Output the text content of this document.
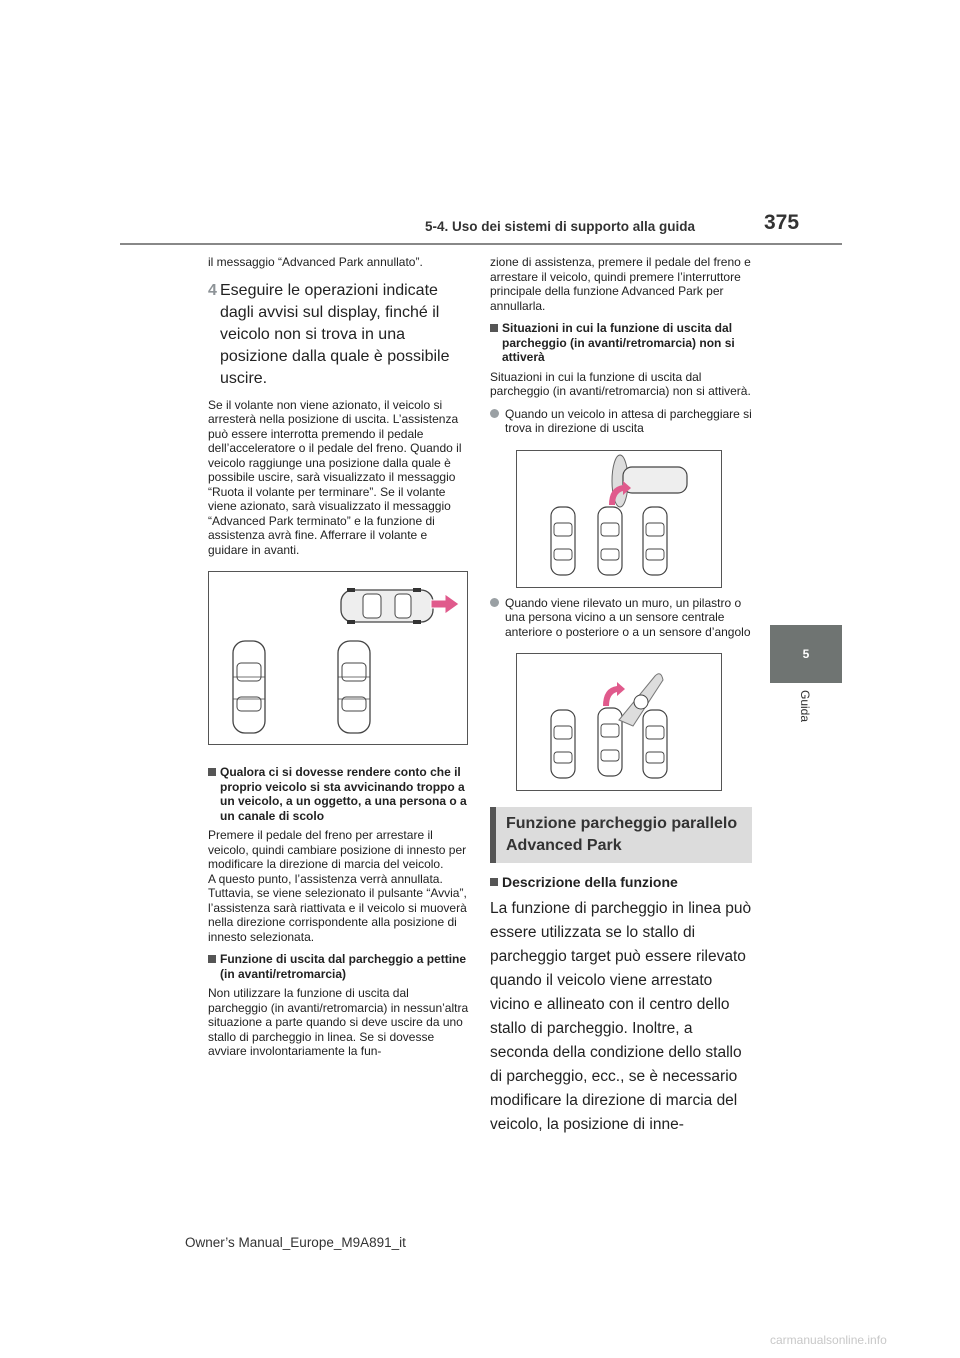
5-4. Uso dei sistemi di supporto alla guida	375
5
Guida

il messaggio “Advanced Park annullato”.

4 Eseguire le operazioni indicate dagli avvisi sul display, finché il veicolo non si trova in una posizione dalla quale è possibile uscire.

Se il volante non viene azionato, il veicolo si arresterà nella posizione di uscita. L’assistenza può essere interrotta premendo il pedale dell’acceleratore o il pedale del freno. Quando il veicolo raggiunge una posizione dalla quale è possibile uscire, sarà visualizzato il messaggio “Ruota il volante per terminare”. Se il volante viene azionato, sarà visualizzato il messaggio “Advanced Park terminato” e la funzione di assistenza avrà fine. Afferrare il volante e guidare in avanti.

Qualora ci si dovesse rendere conto che il proprio veicolo si sta avvicinando troppo a un veicolo, a un oggetto, a una persona o a un canale di scolo

Premere il pedale del freno per arrestare il veicolo, quindi cambiare posizione di innesto per modificare la direzione di marcia del veicolo.

A questo punto, l’assistenza verrà annullata. Tuttavia, se viene selezionato il pulsante “Avvia”, l’assistenza sarà riattivata e il veicolo si muoverà nella direzione corrispondente alla posizione di innesto selezionata.

Funzione di uscita dal parcheggio a pettine (in avanti/retromarcia)

Non utilizzare la funzione di uscita dal parcheggio (in avanti/retromarcia) in nessun’altra situazione a parte quando si deve uscire da uno stallo di parcheggio in linea. Se si dovesse avviare involontariamente la fun-

zione di assistenza, premere il pedale del freno e arrestare il veicolo, quindi premere l’interruttore principale della funzione Advanced Park per annullarla.

Situazioni in cui la funzione di uscita dal parcheggio (in avanti/retromarcia) non si attiverà

Situazioni in cui la funzione di uscita dal parcheggio (in avanti/retromarcia) non si attiverà.

Quando un veicolo in attesa di parcheggiare si trova in direzione di uscita
Quando viene rilevato un muro, un pilastro o una persona vicino a un sensore centrale anteriore o posteriore o a un sensore d’angolo
Funzione parcheggio parallelo Advanced Park
Descrizione della funzione

La funzione di parcheggio in linea può essere utilizzata se lo stallo di parcheggio target può essere rilevato quando il veicolo viene arrestato vicino e allineato con il centro dello stallo di parcheggio. Inoltre, a seconda della condizione dello stallo di parcheggio, ecc., se è necessario modificare la direzione di marcia del veicolo, la posizione di inne-

Owner’s Manual_Europe_M9A891_it
carmanualsonline.info
